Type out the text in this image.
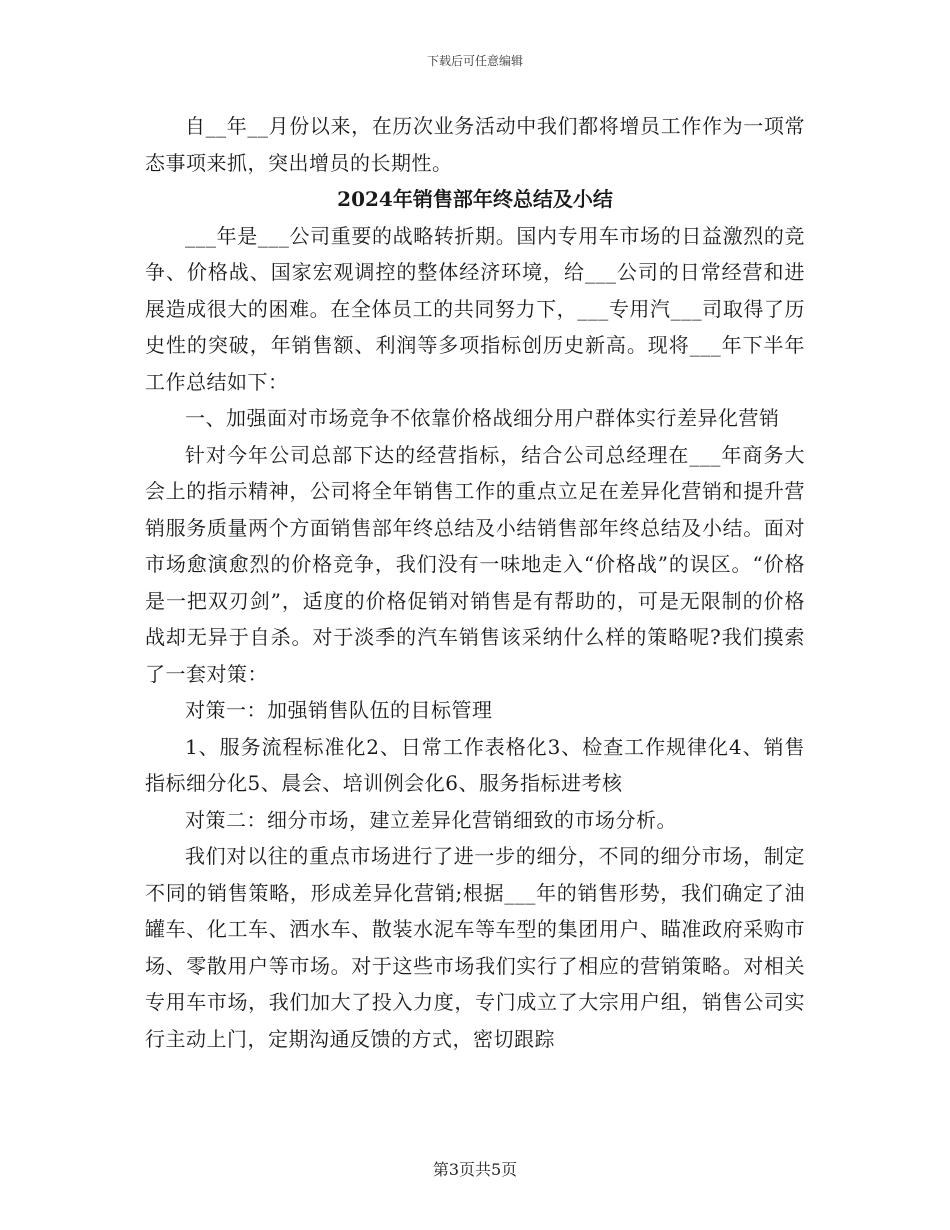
下载后可任意编辑

自__年__月份以来，在历次业务活动中我们都将增员工作作为一项常态事项来抓，突出增员的长期性。

2024年销售部年终总结及小结

___年是___公司重要的战略转折期。国内专用车市场的日益激烈的竞争、价格战、国家宏观调控的整体经济环境，给___公司的日常经营和进展造成很大的困难。在全体员工的共同努力下，___专用汽___司取得了历史性的突破，年销售额、利润等多项指标创历史新高。现将___年下半年工作总结如下：

一、加强面对市场竞争不依靠价格战细分用户群体实行差异化营销

针对今年公司总部下达的经营指标，结合公司总经理在___年商务大会上的指示精神，公司将全年销售工作的重点立足在差异化营销和提升营销服务质量两个方面销售部年终总结及小结销售部年终总结及小结。面对市场愈演愈烈的价格竞争，我们没有一味地走入“价格战”的误区。“价格是一把双刃剑”，适度的价格促销对销售是有帮助的，可是无限制的价格战却无异于自杀。对于淡季的汽车销售该采纳什么样的策略呢?我们摸索了一套对策：

对策一：加强销售队伍的目标管理

1、服务流程标准化2、日常工作表格化3、检查工作规律化4、销售指标细分化5、晨会、培训例会化6、服务指标进考核

对策二：细分市场，建立差异化营销细致的市场分析。

我们对以往的重点市场进行了进一步的细分，不同的细分市场，制定不同的销售策略，形成差异化营销;根据___年的销售形势，我们确定了油罐车、化工车、洒水车、散装水泥车等车型的集团用户、瞄准政府采购市场、零散用户等市场。对于这些市场我们实行了相应的营销策略。对相关专用车市场，我们加大了投入力度，专门成立了大宗用户组，销售公司实行主动上门，定期沟通反馈的方式，密切跟踪

第3页共5页
